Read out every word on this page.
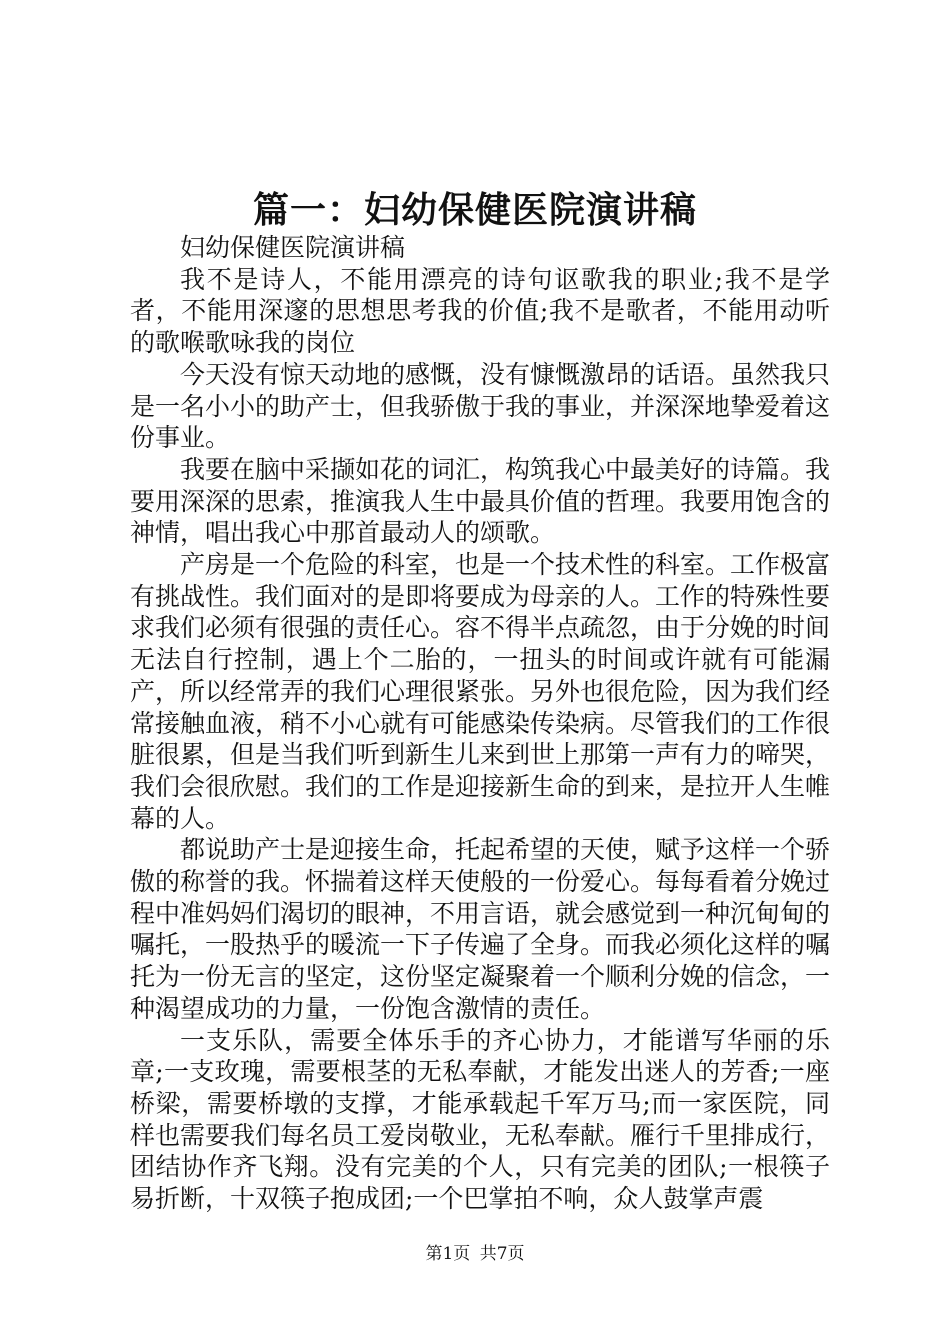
篇一：妇幼保健医院演讲稿

妇幼保健医院演讲稿

我不是诗人，不能用漂亮的诗句讴歌我的职业;我不是学者，不能用深邃的思想思考我的价值;我不是歌者，不能用动听的歌喉歌咏我的岗位

今天没有惊天动地的感慨，没有慷慨激昂的话语。虽然我只是一名小小的助产士，但我骄傲于我的事业，并深深地挚爱着这份事业。

我要在脑中采撷如花的词汇，构筑我心中最美好的诗篇。我要用深深的思索，推演我人生中最具价值的哲理。我要用饱含的神情，唱出我心中那首最动人的颂歌。

产房是一个危险的科室，也是一个技术性的科室。工作极富有挑战性。我们面对的是即将要成为母亲的人。工作的特殊性要求我们必须有很强的责任心。容不得半点疏忽，由于分娩的时间无法自行控制，遇上个二胎的，一扭头的时间或许就有可能漏产，所以经常弄的我们心理很紧张。另外也很危险，因为我们经常接触血液，稍不小心就有可能感染传染病。尽管我们的工作很脏很累，但是当我们听到新生儿来到世上那第一声有力的啼哭，我们会很欣慰。我们的工作是迎接新生命的到来，是拉开人生帷幕的人。

都说助产士是迎接生命，托起希望的天使，赋予这样一个骄傲的称誉的我。怀揣着这样天使般的一份爱心。每每看着分娩过程中准妈妈们渴切的眼神，不用言语，就会感觉到一种沉甸甸的嘱托，一股热乎的暖流一下子传遍了全身。而我必须化这样的嘱托为一份无言的坚定，这份坚定凝聚着一个顺利分娩的信念，一种渴望成功的力量，一份饱含激情的责任。

一支乐队，需要全体乐手的齐心协力，才能谱写华丽的乐章;一支玫瑰，需要根茎的无私奉献，才能发出迷人的芳香;一座桥梁，需要桥墩的支撑，才能承载起千军万马;而一家医院，同样也需要我们每名员工爱岗敬业，无私奉献。雁行千里排成行，团结协作齐飞翔。没有完美的个人，只有完美的团队;一根筷子易折断，十双筷子抱成团;一个巴掌拍不响，众人鼓掌声震

第1页 共7页
